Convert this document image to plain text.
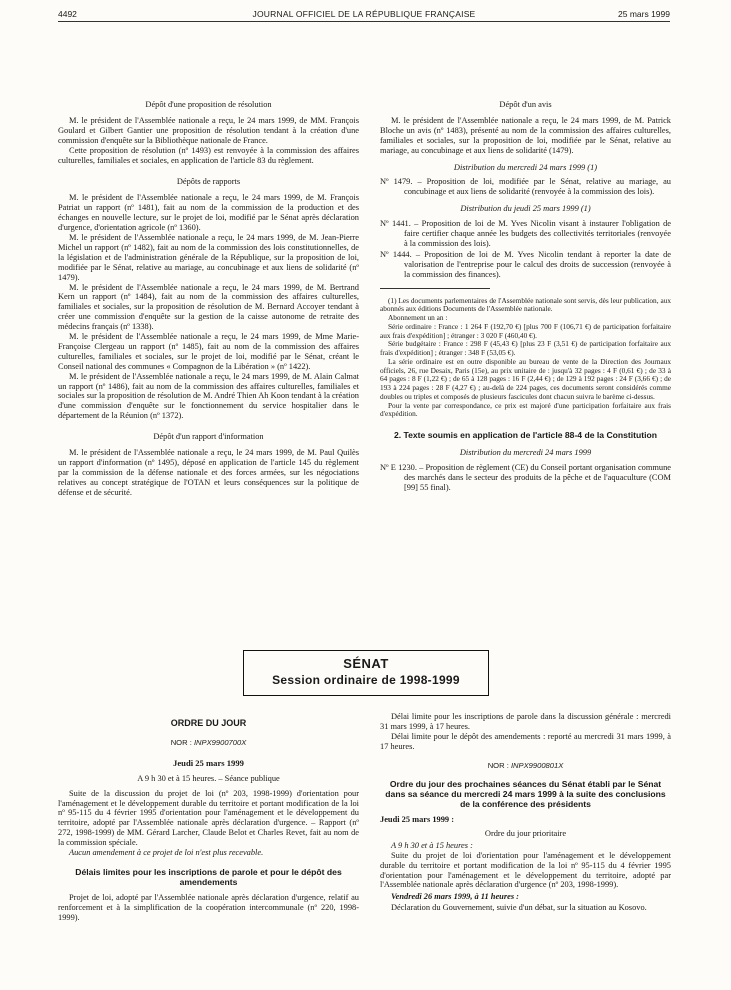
4492	JOURNAL OFFICIEL DE LA RÉPUBLIQUE FRANÇAISE	25 mars 1999
Dépôt d'une proposition de résolution

M. le président de l'Assemblée nationale a reçu, le 24 mars 1999, de MM. François Goulard et Gilbert Gantier une proposition de résolution tendant à la création d'une commission d'enquête sur la Bibliothèque nationale de France.

Cette proposition de résolution (nº 1493) est renvoyée à la commission des affaires culturelles, familiales et sociales, en application de l'article 83 du règlement.

Dépôts de rapports

M. le président de l'Assemblée nationale a reçu, le 24 mars 1999, de M. François Patriat un rapport (nº 1481), fait au nom de la commission de la production et des échanges en nouvelle lecture, sur le projet de loi, modifié par le Sénat après déclaration d'urgence, d'orientation agricole (nº 1360).

M. le président de l'Assemblée nationale a reçu, le 24 mars 1999, de M. Jean-Pierre Michel un rapport (nº 1482), fait au nom de la commission des lois constitutionnelles, de la législation et de l'administration générale de la République, sur la proposition de loi, modifiée par le Sénat, relative au mariage, au concubinage et aux liens de solidarité (nº 1479).

M. le président de l'Assemblée nationale a reçu, le 24 mars 1999, de M. Bertrand Kern un rapport (nº 1484), fait au nom de la commission des affaires culturelles, familiales et sociales, sur la proposition de résolution de M. Bernard Accoyer tendant à créer une commission d'enquête sur la gestion de la caisse autonome de retraite des médecins français (nº 1338).

M. le président de l'Assemblée nationale a reçu, le 24 mars 1999, de Mme Marie-Françoise Clergeau un rapport (nº 1485), fait au nom de la commission des affaires culturelles, familiales et sociales, sur le projet de loi, modifié par le Sénat, créant le Conseil national des communes « Compagnon de la Libération » (nº 1422).

M. le président de l'Assemblée nationale a reçu, le 24 mars 1999, de M. Alain Calmat un rapport (nº 1486), fait au nom de la commission des affaires culturelles, familiales et sociales sur la proposition de résolution de M. André Thien Ah Koon tendant à la création d'une commission d'enquête sur le fonctionnement du service hospitalier dans le département de la Réunion (nº 1372).

Dépôt d'un rapport d'information

M. le président de l'Assemblée nationale a reçu, le 24 mars 1999, de M. Paul Quilès un rapport d'information (nº 1495), déposé en application de l'article 145 du règlement par la commission de la défense nationale et des forces armées, sur les négociations relatives au concept stratégique de l'OTAN et leurs conséquences sur la politique de défense et de sécurité.

Dépôt d'un avis

M. le président de l'Assemblée nationale a reçu, le 24 mars 1999, de M. Patrick Bloche un avis (nº 1483), présenté au nom de la commission des affaires culturelles, familiales et sociales, sur la proposition de loi, modifiée par le Sénat, relative au mariage, au concubinage et aux liens de solidarité (1479).

Distribution du mercredi 24 mars 1999 (1)
Nº 1479. – Proposition de loi, modifiée par le Sénat, relative au mariage, au concubinage et aux liens de solidarité (renvoyée à la commission des lois).
Distribution du jeudi 25 mars 1999 (1)
Nº 1441. – Proposition de loi de M. Yves Nicolin visant à instaurer l'obligation de faire certifier chaque année les budgets des collectivités territoriales (renvoyée à la commission des lois).
Nº 1444. – Proposition de loi de M. Yves Nicolin tendant à reporter la date de valorisation de l'entreprise pour le calcul des droits de succession (renvoyée à la commission des finances).

(1) Les documents parlementaires de l'Assemblée nationale sont servis, dès leur publication, aux abonnés aux éditions Documents de l'Assemblée nationale.

Abonnement un an :

Série ordinaire : France : 1 264 F (192,70 €) [plus 700 F (106,71 €) de participation forfaitaire aux frais d'expédition] ; étranger : 3 020 F (460,40 €).

Série budgétaire : France : 298 F (45,43 €) [plus 23 F (3,51 €) de participation forfaitaire aux frais d'expédition] ; étranger : 348 F (53,05 €).

La série ordinaire est en outre disponible au bureau de vente de la Direction des Journaux officiels, 26, rue Desaix, Paris (15e), au prix unitaire de : jusqu'à 32 pages : 4 F (0,61 €) ; de 33 à 64 pages : 8 F (1,22 €) ; de 65 à 128 pages : 16 F (2,44 €) ; de 129 à 192 pages : 24 F (3,66 €) ; de 193 à 224 pages : 28 F (4,27 €) ; au-delà de 224 pages, ces documents seront considérés comme doubles ou triples et composés de plusieurs fascicules dont chacun suivra le barème ci-dessus.

Pour la vente par correspondance, ce prix est majoré d'une participation forfaitaire aux frais d'expédition.

2. Texte soumis en application de l'article 88-4 de la Constitution
Distribution du mercredi 24 mars 1999
Nº E 1230. – Proposition de règlement (CE) du Conseil portant organisation commune des marchés dans le secteur des produits de la pêche et de l'aquaculture (COM [99] 55 final).
SÉNAT
Session ordinaire de 1998-1999
ORDRE DU JOUR
NOR : INPX9900700X
Jeudi 25 mars 1999
A 9 h 30 et à 15 heures. – Séance publique

Suite de la discussion du projet de loi (nº 203, 1998-1999) d'orientation pour l'aménagement et le développement durable du territoire et portant modification de la loi nº 95-115 du 4 février 1995 d'orientation pour l'aménagement et le développement du territoire, adopté par l'Assemblée nationale après déclaration d'urgence. – Rapport (nº 272, 1998-1999) de MM. Gérard Larcher, Claude Belot et Charles Revet, fait au nom de la commission spéciale.

Aucun amendement à ce projet de loi n'est plus recevable.

Délais limites pour les inscriptions de parole et pour le dépôt des amendements

Projet de loi, adopté par l'Assemblée nationale après déclaration d'urgence, relatif au renforcement et à la simplification de la coopération intercommunale (nº 220, 1998-1999).

Délai limite pour les inscriptions de parole dans la discussion générale : mercredi 31 mars 1999, à 17 heures.

Délai limite pour le dépôt des amendements : reporté au mercredi 31 mars 1999, à 17 heures.

NOR : INPX9900801X
Ordre du jour des prochaines séances du Sénat établi par le Sénat dans sa séance du mercredi 24 mars 1999 à la suite des conclusions de la conférence des présidents
Jeudi 25 mars 1999 :
Ordre du jour prioritaire

A 9 h 30 et à 15 heures :

Suite du projet de loi d'orientation pour l'aménagement et le développement durable du territoire et portant modification de la loi nº 95-115 du 4 février 1995 d'orientation pour l'aménagement et le développement du territoire, adopté par l'Assemblée nationale après déclaration d'urgence (nº 203, 1998-1999).

Vendredi 26 mars 1999, à 11 heures :

Déclaration du Gouvernement, suivie d'un débat, sur la situation au Kosovo.
